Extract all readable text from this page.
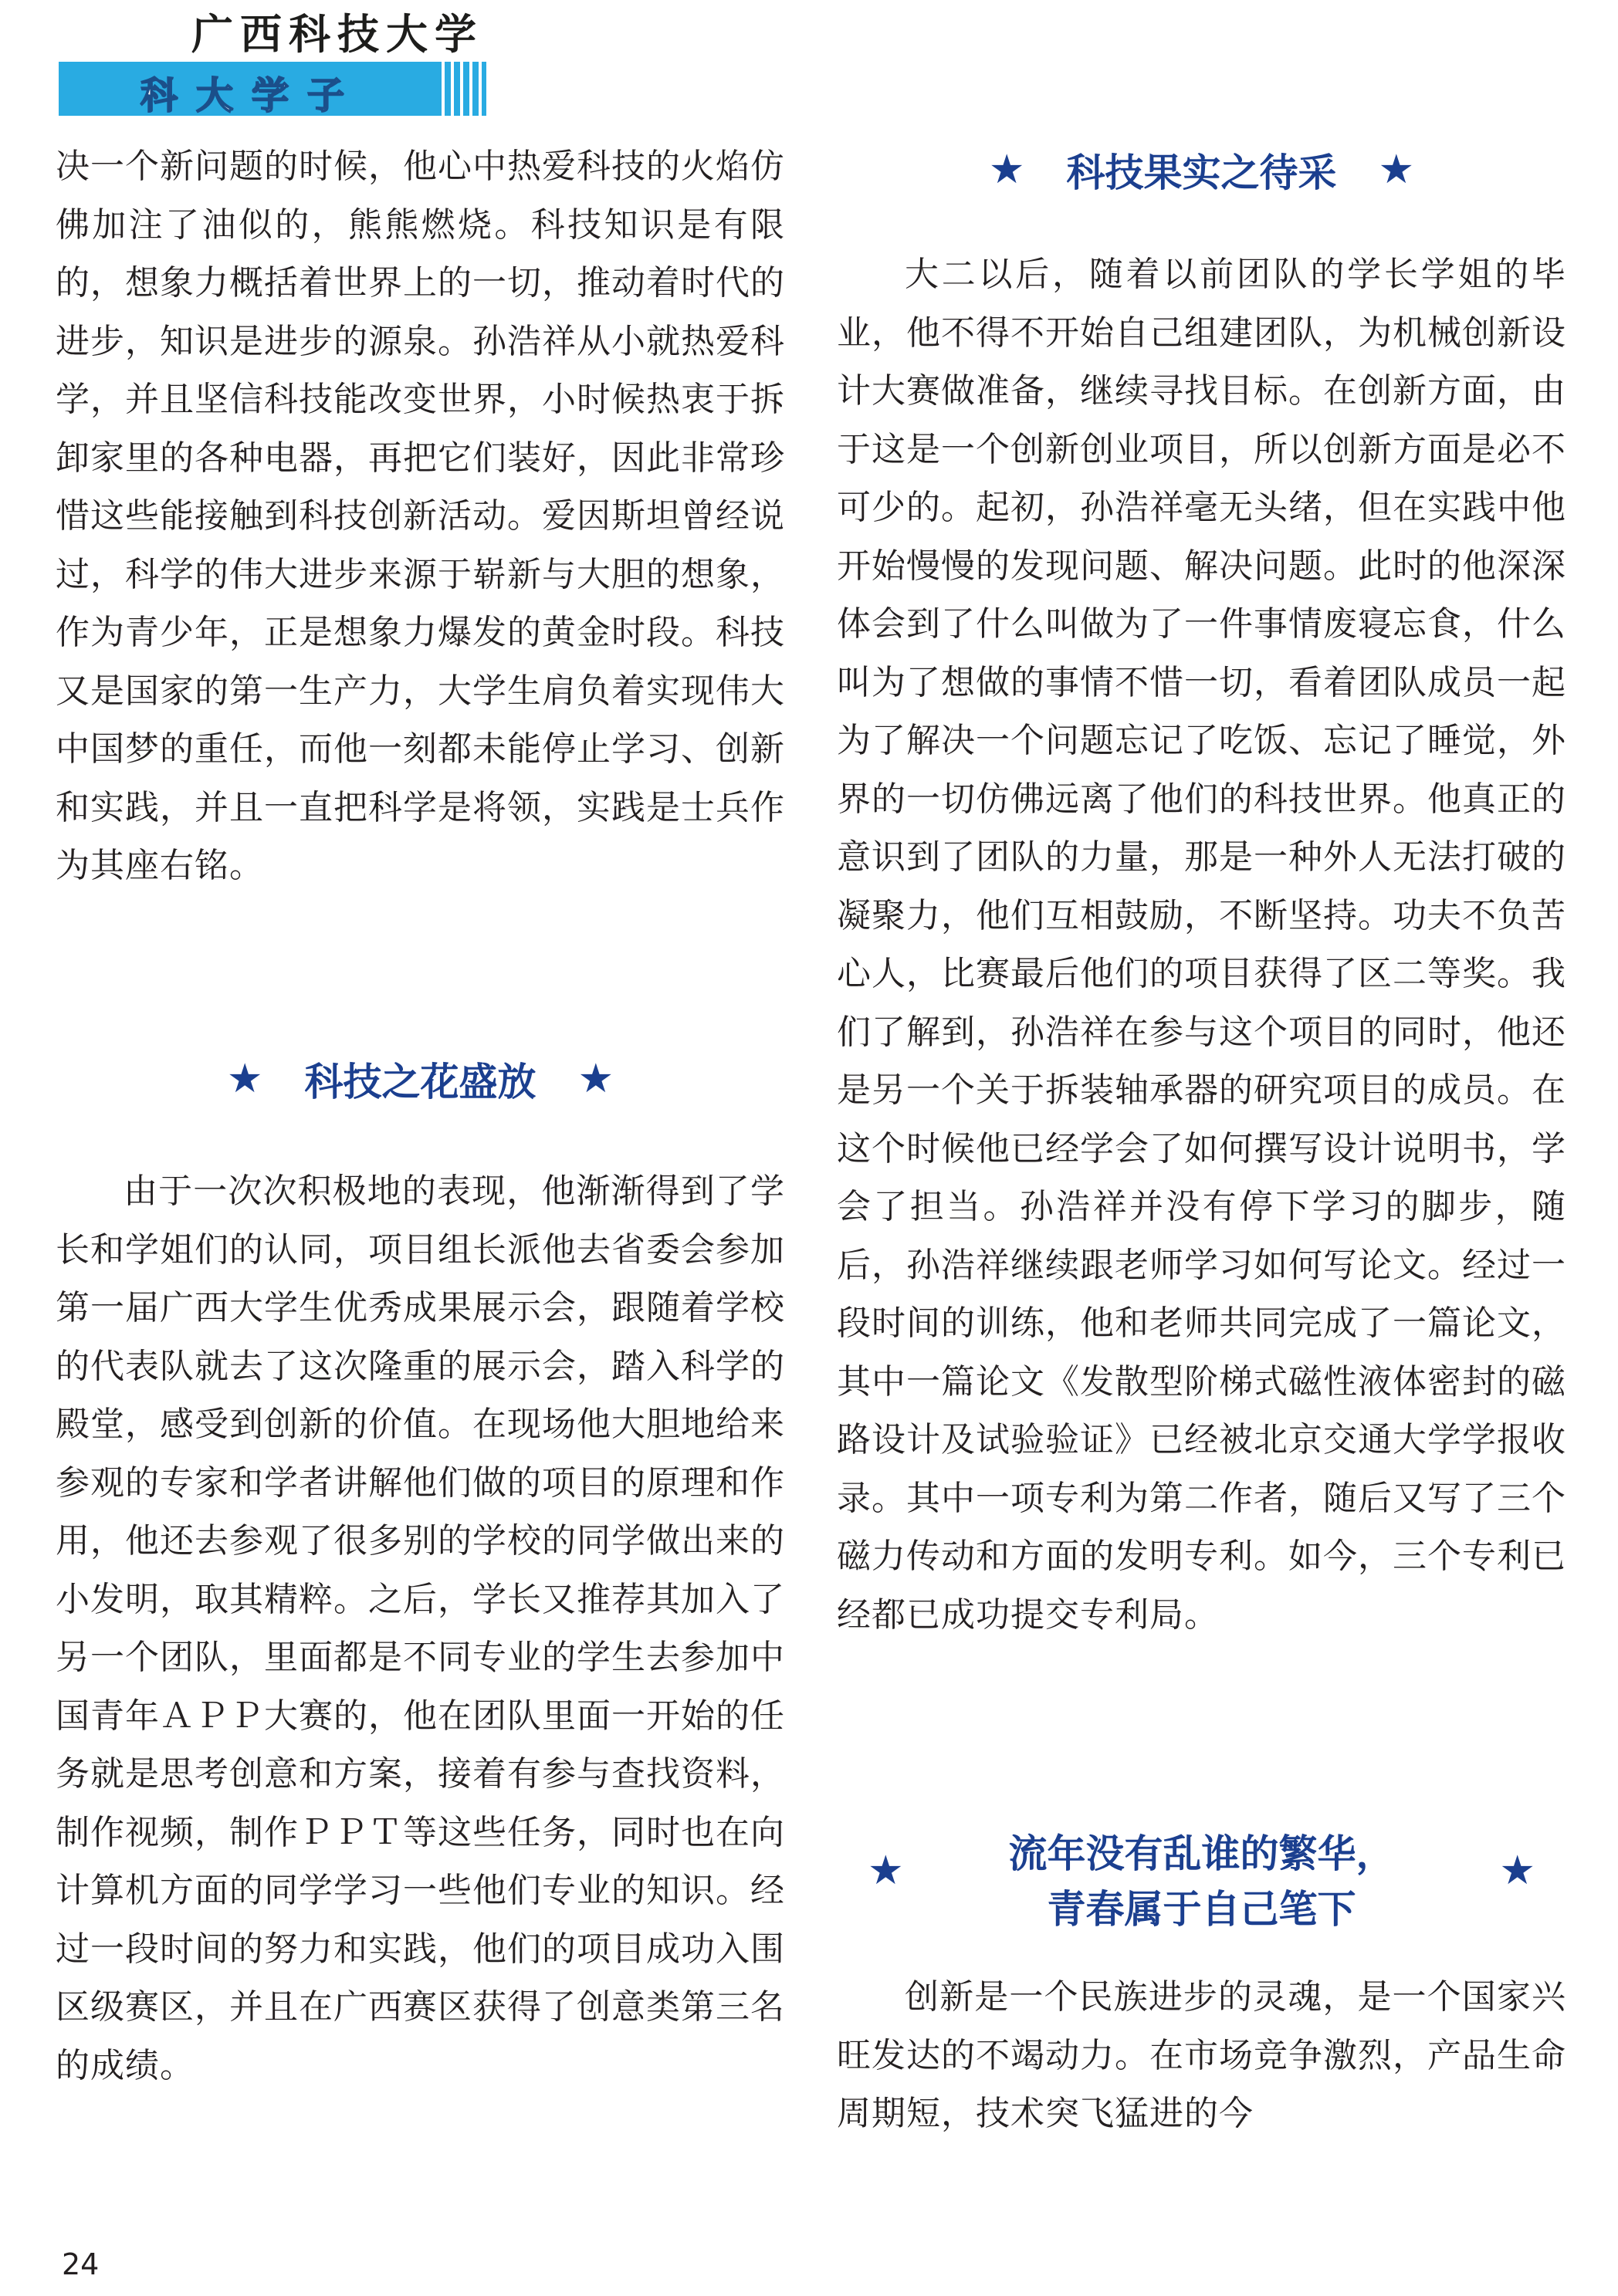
广西科技大学

科大学子

决一个新问题的时候，他心中热爱科技的火焰仿佛加注了油似的，熊熊燃烧。科技知识是有限的，想象力概括着世界上的一切，推动着时代的进步，知识是进步的源泉。孙浩祥从小就热爱科学，并且坚信科技能改变世界，小时候热衷于拆卸家里的各种电器，再把它们装好，因此非常珍惜这些能接触到科技创新活动。爱因斯坦曾经说过，科学的伟大进步来源于崭新与大胆的想象，作为青少年，正是想象力爆发的黄金时段。科技又是国家的第一生产力，大学生肩负着实现伟大中国梦的重任，而他一刻都未能停止学习、创新和实践，并且一直把科学是将领，实践是士兵作为其座右铭。

★ 科技之花盛放 ★

由于一次次积极地的表现，他渐渐得到了学长和学姐们的认同，项目组长派他去省委会参加第一届广西大学生优秀成果展示会，跟随着学校的代表队就去了这次隆重的展示会，踏入科学的殿堂，感受到创新的价值。在现场他大胆地给来参观的专家和学者讲解他们做的项目的原理和作用，他还去参观了很多别的学校的同学做出来的小发明，取其精粹。之后，学长又推荐其加入了另一个团队，里面都是不同专业的学生去参加中国青年ＡＰＰ大赛的，他在团队里面一开始的任务就是思考创意和方案，接着有参与查找资料，制作视频，制作ＰＰＴ等这些任务，同时也在向计算机方面的同学学习一些他们专业的知识。经过一段时间的努力和实践，他们的项目成功入围区级赛区，并且在广西赛区获得了创意类第三名的成绩。

★ 科技果实之待采 ★

大二以后，随着以前团队的学长学姐的毕业，他不得不开始自己组建团队，为机械创新设计大赛做准备，继续寻找目标。在创新方面，由于这是一个创新创业项目，所以创新方面是必不可少的。起初，孙浩祥毫无头绪，但在实践中他开始慢慢的发现问题、解决问题。此时的他深深体会到了什么叫做为了一件事情废寝忘食，什么叫为了想做的事情不惜一切，看着团队成员一起为了解决一个问题忘记了吃饭、忘记了睡觉，外界的一切仿佛远离了他们的科技世界。他真正的意识到了团队的力量，那是一种外人无法打破的凝聚力，他们互相鼓励，不断坚持。功夫不负苦心人，比赛最后他们的项目获得了区二等奖。我们了解到，孙浩祥在参与这个项目的同时，他还是另一个关于拆装轴承器的研究项目的成员。在这个时候他已经学会了如何撰写设计说明书，学会了担当。孙浩祥并没有停下学习的脚步，随后，孙浩祥继续跟老师学习如何写论文。经过一段时间的训练，他和老师共同完成了一篇论文，其中一篇论文《发散型阶梯式磁性液体密封的磁路设计及试验验证》已经被北京交通大学学报收录。其中一项专利为第二作者，随后又写了三个磁力传动和方面的发明专利。如今，三个专利已经都已成功提交专利局。

★	流年没有乱谁的繁华，
青春属于自己笔下
★

创新是一个民族进步的灵魂，是一个国家兴旺发达的不竭动力。在市场竞争激烈，产品生命周期短，技术突飞猛进的今

24
